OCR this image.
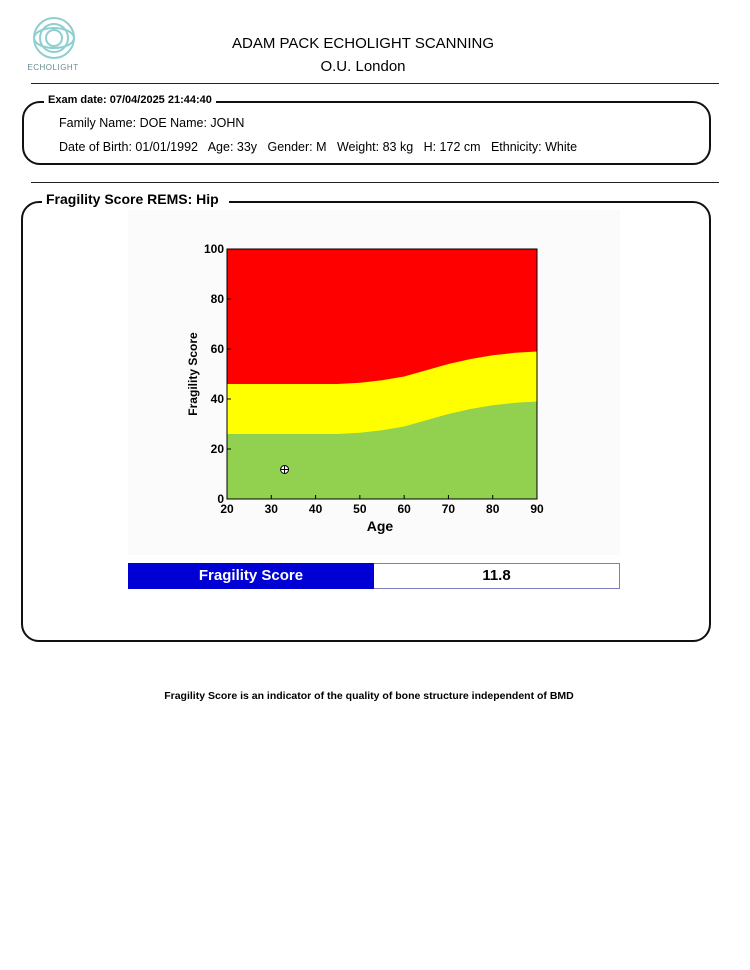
ECHOLIGHT
ADAM PACK ECHOLIGHT SCANNING
O.U. London
Exam date: 07/04/2025 21:44:40
Family Name: DOE Name: JOHN
Date of Birth: 01/01/1992   Age: 33y   Gender: M   Weight: 83 kg   H: 172 cm   Ethnicity: White
Fragility Score REMS: Hip
20	30	40	50	60	70	80	90
0
20
40
60
80
100
Age
Fragility Score
Fragility Score	11.8
Fragility Score is an indicator of the quality of bone structure independent of BMD
